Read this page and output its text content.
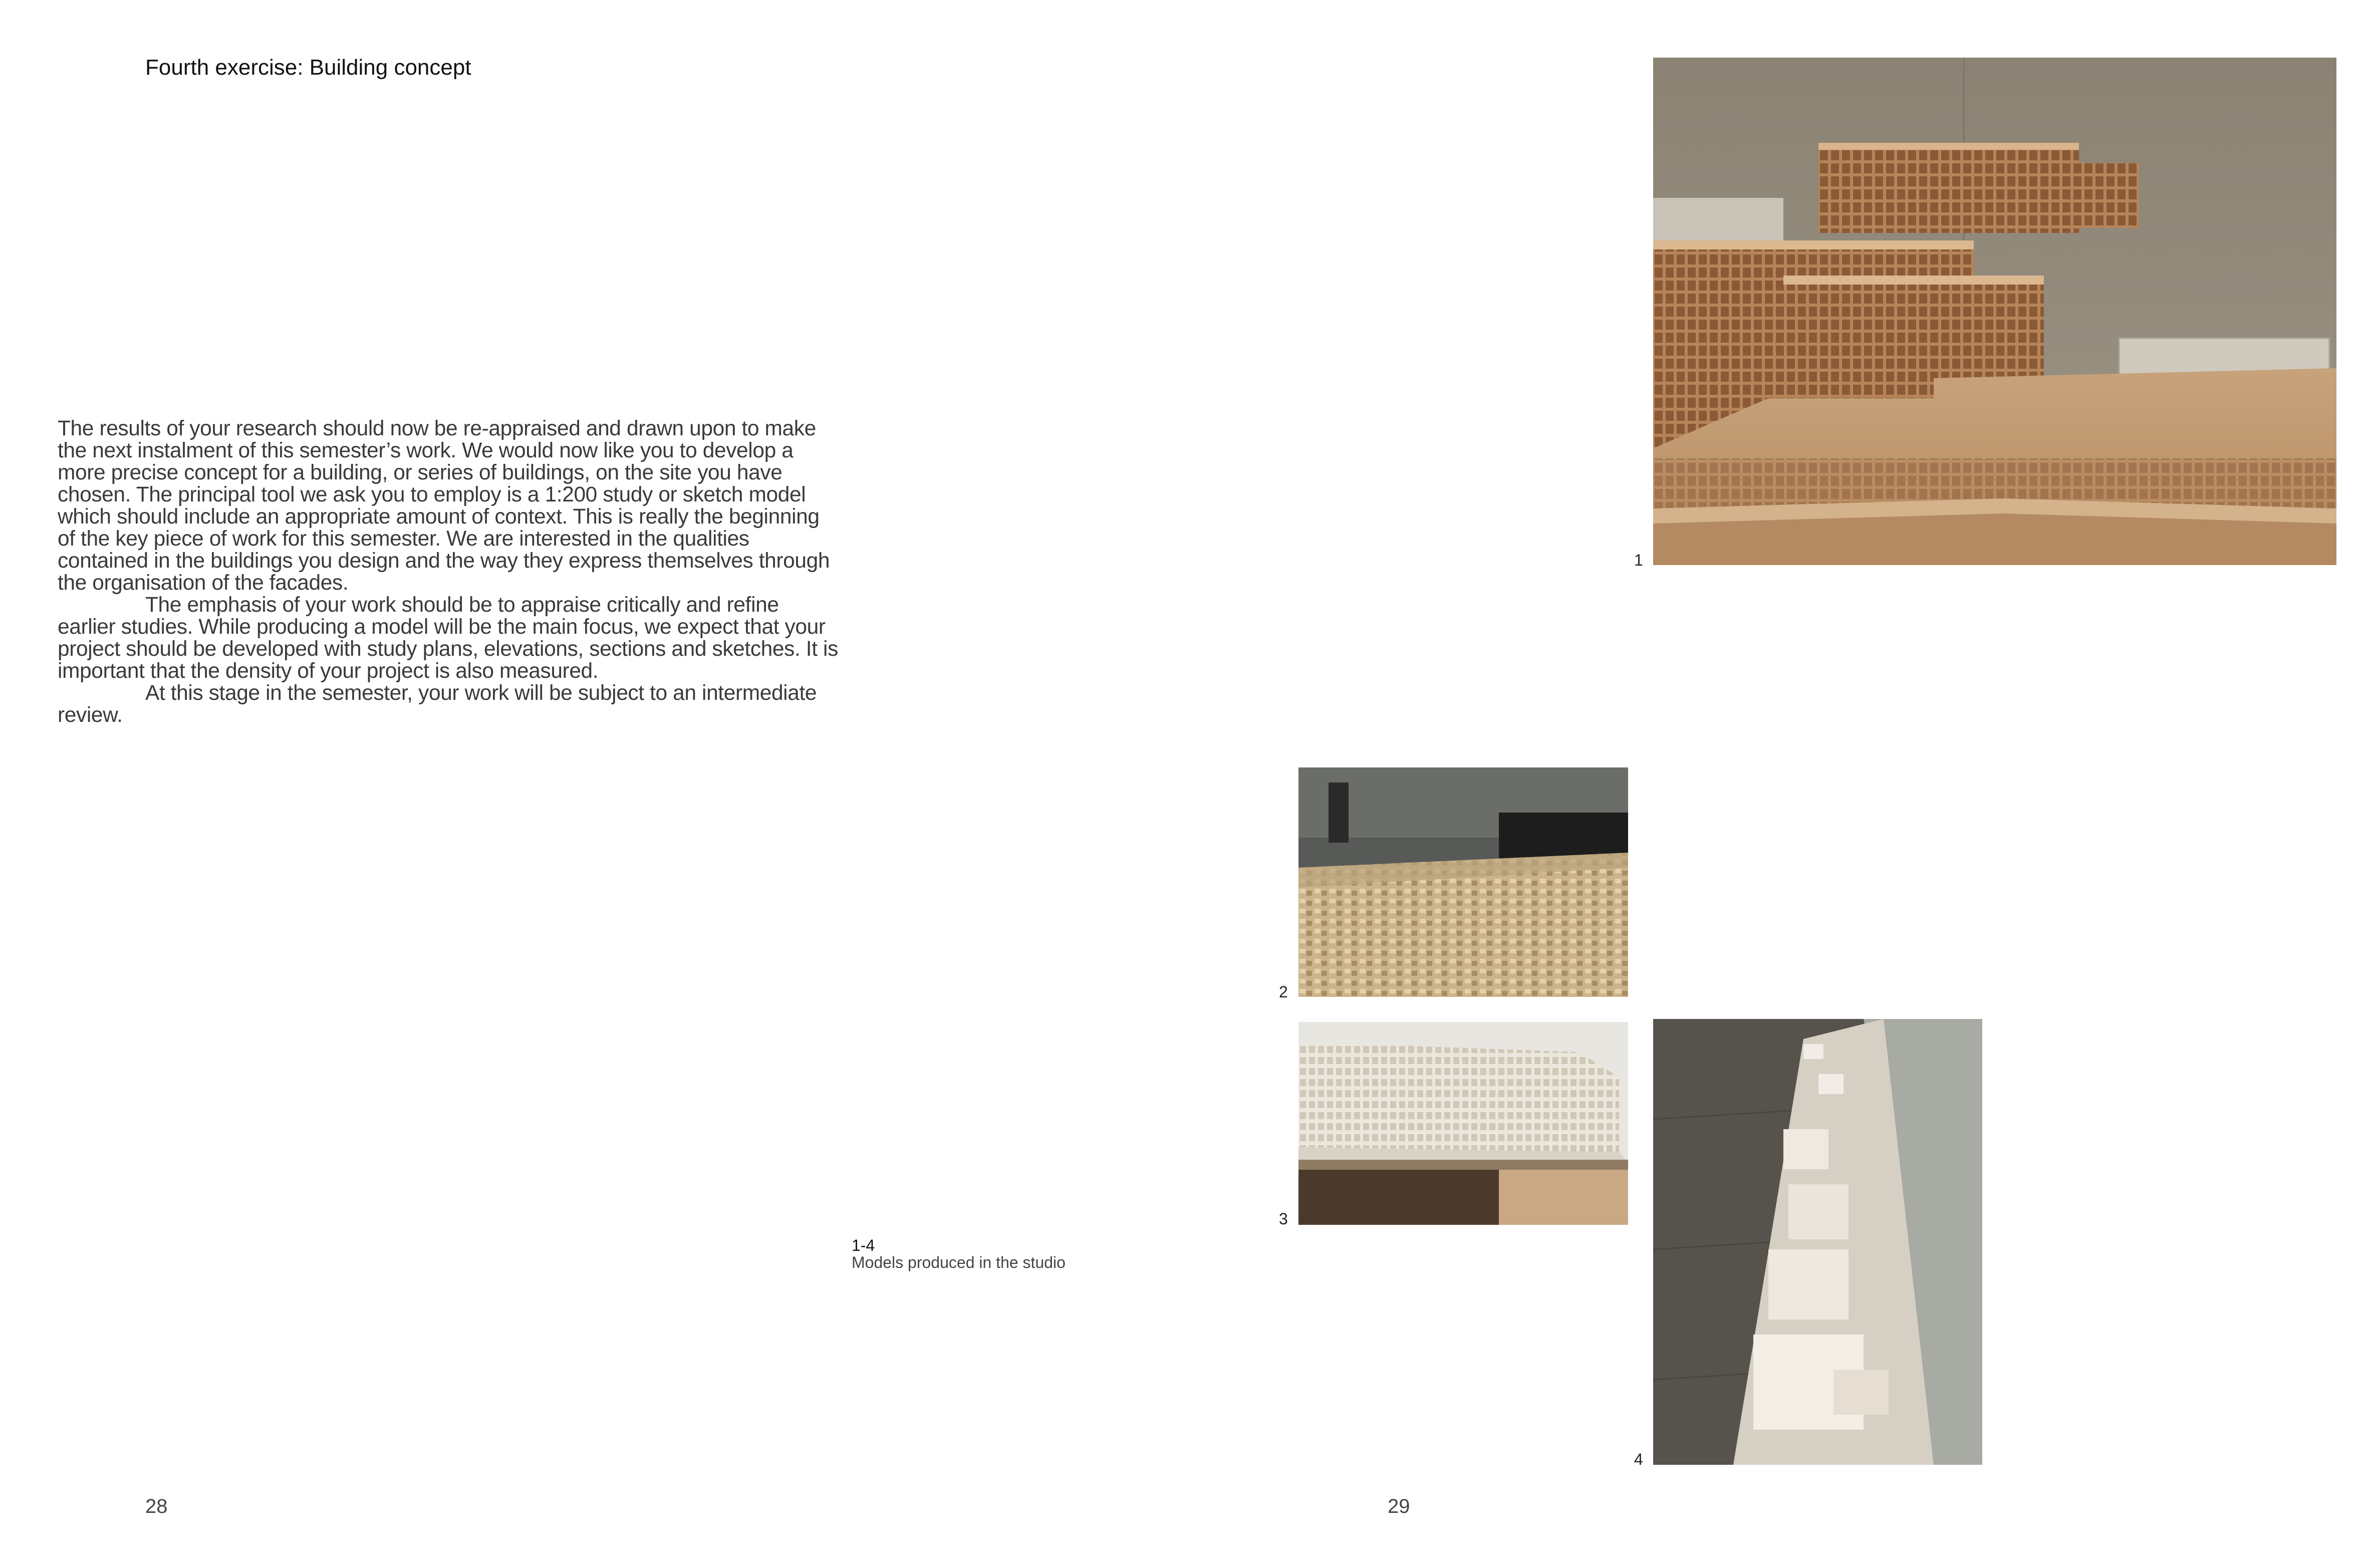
Fourth exercise: Building concept

The results of your research should now be re-appraised and drawn upon to make the next instalment of this semester’s work. We would now like you to develop a more precise concept for a building, or series of buildings, on the site you have chosen. The principal tool we ask you to employ is a 1:200 study or sketch model which should include an appropriate amount of context. This is really the beginning of the key piece of work for this semester. We are interested in the qualities contained in the buildings you design and the way they express themselves through the organisation of the facades.

The emphasis of your work should be to appraise critically and refine earlier studies. While producing a model will be the main focus, we expect that your project should be developed with study plans, elevations, sections and sketches. It is important that the density of your project is also measured.

At this stage in the semester, your work will be subject to an intermediate review.

1
2
3
4
1-4
Models produced in the studio
28	29
